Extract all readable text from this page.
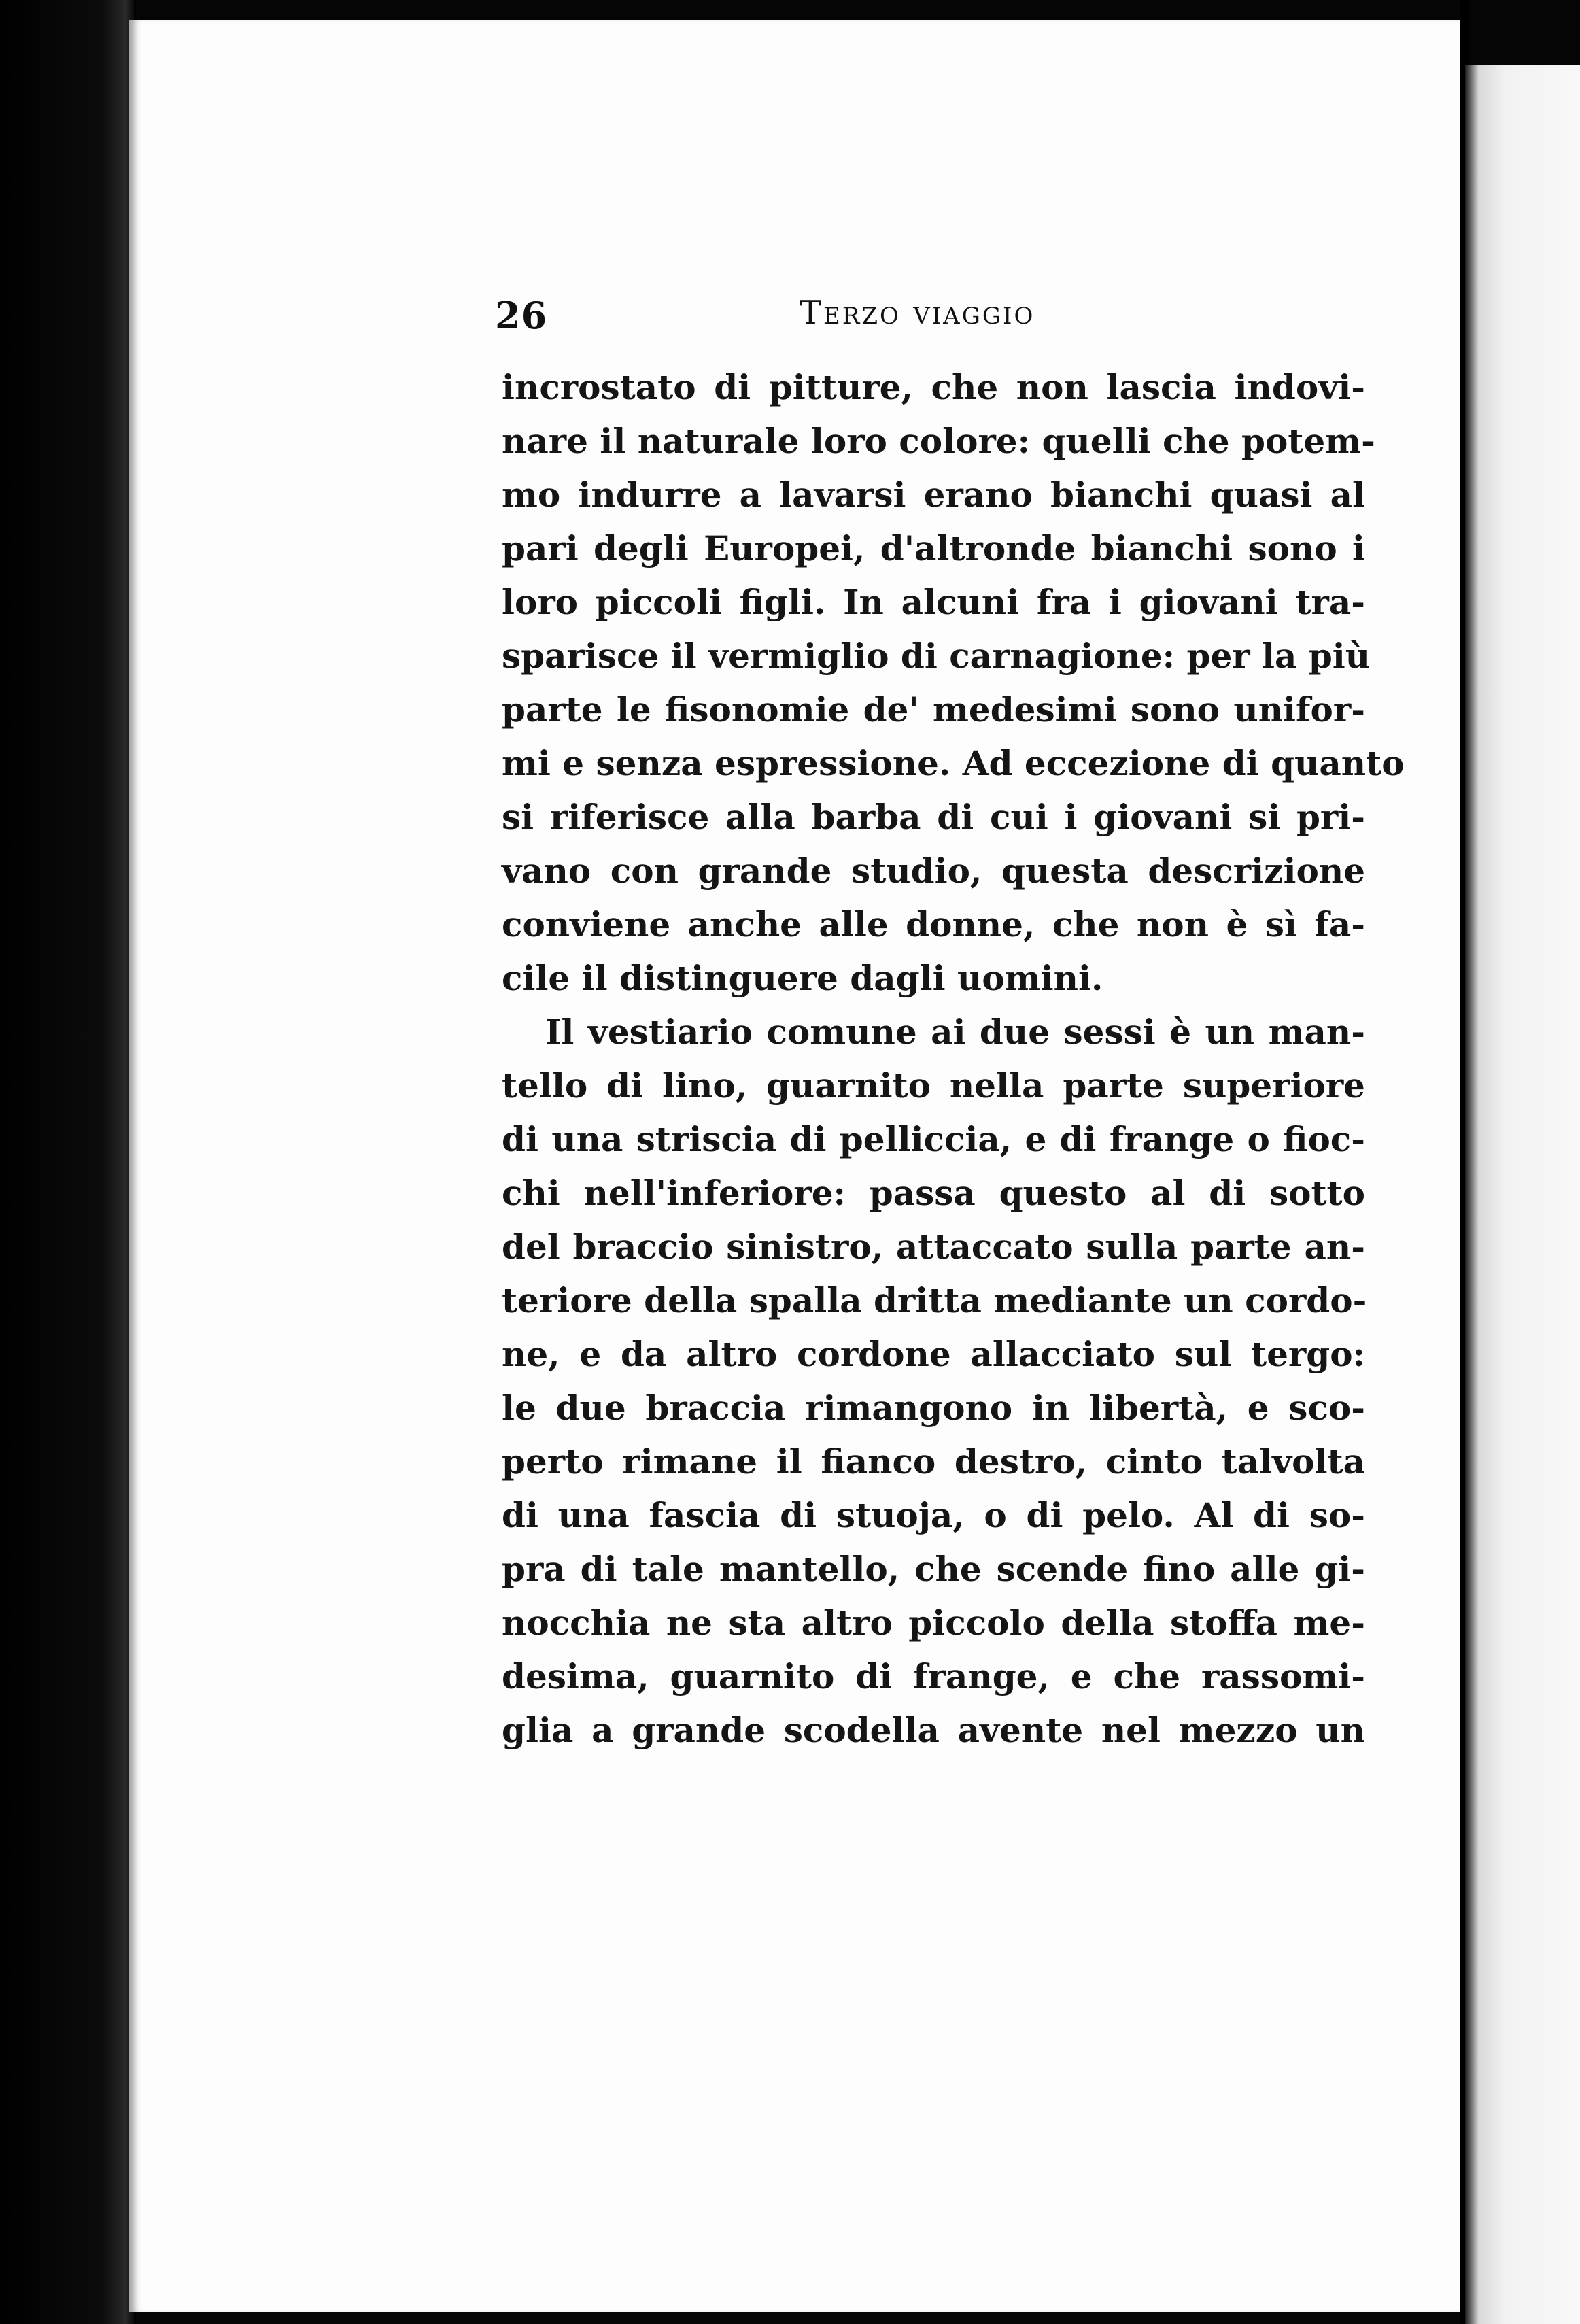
26	Terzo viaggio
incrostato di pitture, che non lascia indovi-
nare il naturale loro colore: quelli che potem-
mo indurre a lavarsi erano bianchi quasi al
pari degli Europei, d'altronde bianchi sono i
loro piccoli figli. In alcuni fra i giovani tra-
sparisce il vermiglio di carnagione: per la più
parte le fisonomie de' medesimi sono unifor-
mi e senza espressione. Ad eccezione di quanto
si riferisce alla barba di cui i giovani si pri-
vano con grande studio, questa descrizione
conviene anche alle donne, che non è sì fa-
cile il distinguere dagli uomini.
Il vestiario comune ai due sessi è un man-
tello di lino, guarnito nella parte superiore
di una striscia di pelliccia, e di frange o fioc-
chi nell'inferiore: passa questo al di sotto
del braccio sinistro, attaccato sulla parte an-
teriore della spalla dritta mediante un cordo-
ne, e da altro cordone allacciato sul tergo:
le due braccia rimangono in libertà, e sco-
perto rimane il fianco destro, cinto talvolta
di una fascia di stuoja, o di pelo. Al di so-
pra di tale mantello, che scende fino alle gi-
nocchia ne sta altro piccolo della stoffa me-
desima, guarnito di frange, e che rassomi-
glia a grande scodella avente nel mezzo un
